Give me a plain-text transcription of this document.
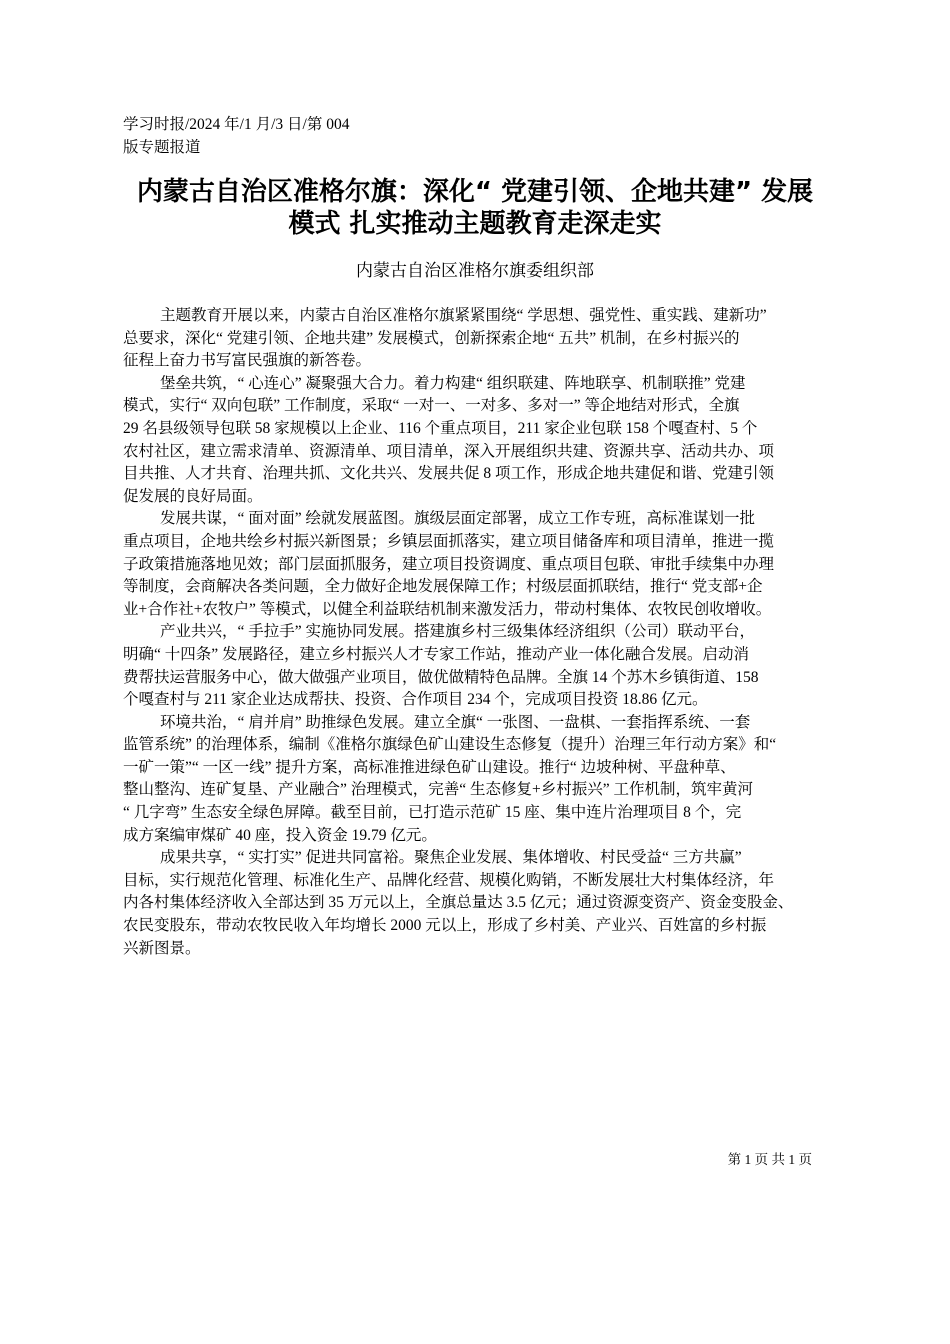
学习时报/2024 年/1 月/3 日/第 004
版专题报道
内蒙古自治区准格尔旗：深化“ 党建引领、企地共建” 发展
模式 扎实推动主题教育走深走实
内蒙古自治区准格尔旗委组织部
主题教育开展以来，内蒙古自治区准格尔旗紧紧围绕“ 学思想、强党性、重实践、建新功”
总要求，深化“ 党建引领、企地共建” 发展模式，创新探索企地“ 五共” 机制，在乡村振兴的
征程上奋力书写富民强旗的新答卷。
堡垒共筑，“ 心连心” 凝聚强大合力。着力构建“ 组织联建、阵地联享、机制联推” 党建
模式，实行“ 双向包联” 工作制度，采取“ 一对一、一对多、多对一” 等企地结对形式，全旗
29 名县级领导包联 58 家规模以上企业、116 个重点项目，211 家企业包联 158 个嘎查村、5 个
农村社区，建立需求清单、资源清单、项目清单，深入开展组织共建、资源共享、活动共办、项
目共推、人才共育、治理共抓、文化共兴、发展共促 8 项工作，形成企地共建促和谐、党建引领
促发展的良好局面。
发展共谋，“ 面对面” 绘就发展蓝图。旗级层面定部署，成立工作专班，高标准谋划一批
重点项目，企地共绘乡村振兴新图景；乡镇层面抓落实，建立项目储备库和项目清单，推进一揽
子政策措施落地见效；部门层面抓服务，建立项目投资调度、重点项目包联、审批手续集中办理
等制度，会商解决各类问题，全力做好企地发展保障工作；村级层面抓联结，推行“ 党支部+企
业+合作社+农牧户” 等模式，以健全利益联结机制来激发活力，带动村集体、农牧民创收增收。
产业共兴，“ 手拉手” 实施协同发展。搭建旗乡村三级集体经济组织（公司）联动平台，
明确“ 十四条” 发展路径，建立乡村振兴人才专家工作站，推动产业一体化融合发展。启动消
费帮扶运营服务中心，做大做强产业项目，做优做精特色品牌。全旗 14 个苏木乡镇街道、158
个嘎查村与 211 家企业达成帮扶、投资、合作项目 234 个，完成项目投资 18.86 亿元。
环境共治，“ 肩并肩” 助推绿色发展。建立全旗“ 一张图、一盘棋、一套指挥系统、一套
监管系统” 的治理体系，编制《准格尔旗绿色矿山建设生态修复（提升）治理三年行动方案》和“
一矿一策”“ 一区一线” 提升方案，高标准推进绿色矿山建设。推行“ 边坡种树、平盘种草、
整山整沟、连矿复垦、产业融合” 治理模式，完善“ 生态修复+乡村振兴” 工作机制，筑牢黄河
“ 几字弯” 生态安全绿色屏障。截至目前，已打造示范矿 15 座、集中连片治理项目 8 个，完
成方案编审煤矿 40 座，投入资金 19.79 亿元。
成果共享，“ 实打实” 促进共同富裕。聚焦企业发展、集体增收、村民受益“ 三方共赢”
目标，实行规范化管理、标准化生产、品牌化经营、规模化购销，不断发展壮大村集体经济，年
内各村集体经济收入全部达到 35 万元以上，全旗总量达 3.5 亿元；通过资源变资产、资金变股金、
农民变股东，带动农牧民收入年均增长 2000 元以上，形成了乡村美、产业兴、百姓富的乡村振
兴新图景。
第 1 页 共 1 页
